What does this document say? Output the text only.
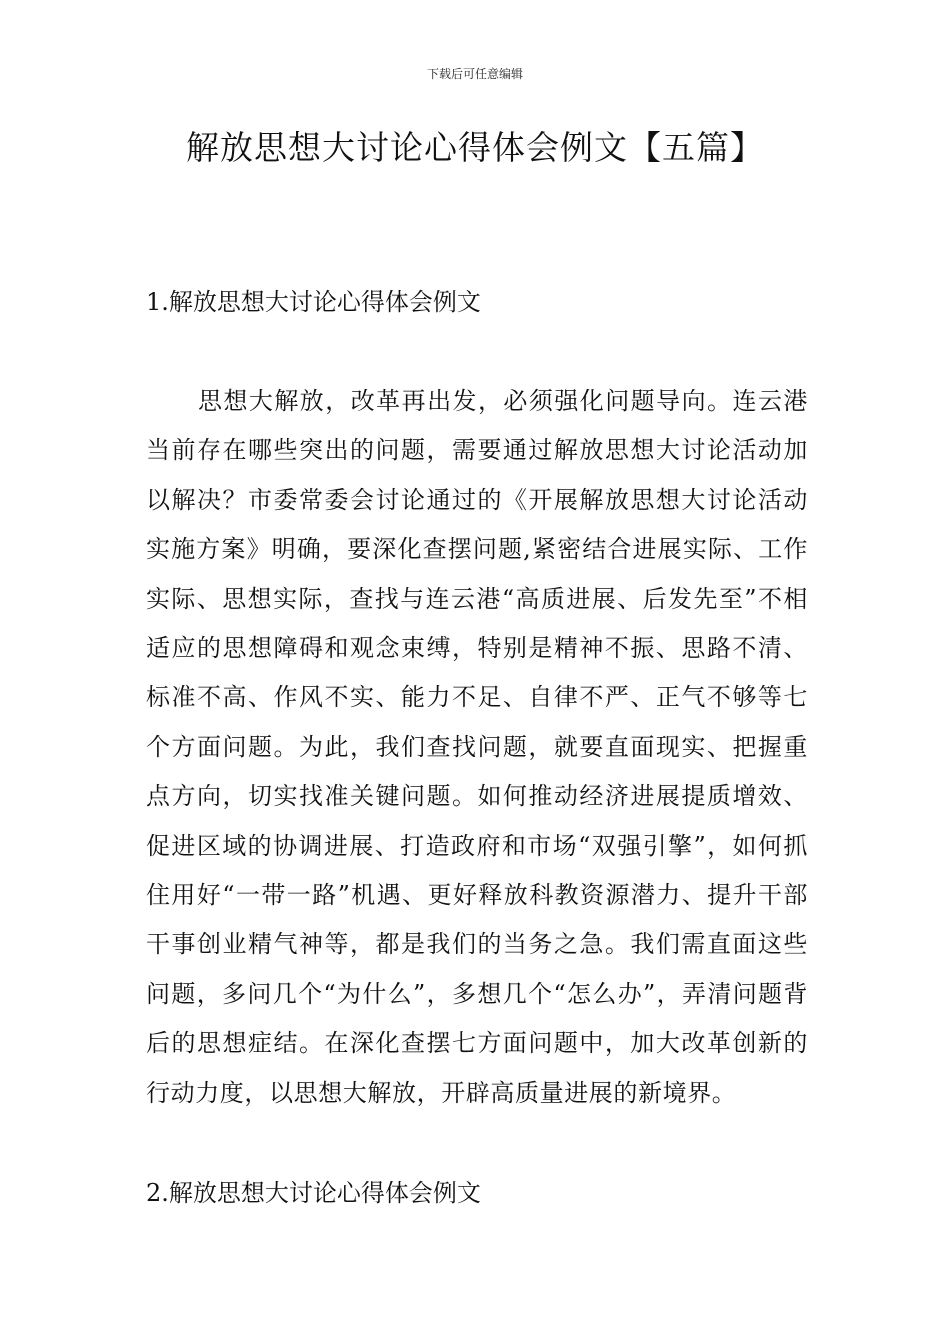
下载后可任意编辑
解放思想大讨论心得体会例文【五篇】
1.解放思想大讨论心得体会例文

思想大解放，改革再出发，必须强化问题导向。连云港当前存在哪些突出的问题，需要通过解放思想大讨论活动加以解决？市委常委会讨论通过的《开展解放思想大讨论活动实施方案》明确，要深化查摆问题,紧密结合进展实际、工作实际、思想实际，查找与连云港“高质进展、后发先至”不相适应的思想障碍和观念束缚，特别是精神不振、思路不清、标准不高、作风不实、能力不足、自律不严、正气不够等七个方面问题。为此，我们查找问题，就要直面现实、把握重点方向，切实找准关键问题。如何推动经济进展提质增效、促进区域的协调进展、打造政府和市场“双强引擎”，如何抓住用好“一带一路”机遇、更好释放科教资源潜力、提升干部干事创业精气神等，都是我们的当务之急。我们需直面这些问题，多问几个“为什么”，多想几个“怎么办”，弄清问题背后的思想症结。在深化查摆七方面问题中，加大改革创新的行动力度，以思想大解放，开辟高质量进展的新境界。

2.解放思想大讨论心得体会例文
